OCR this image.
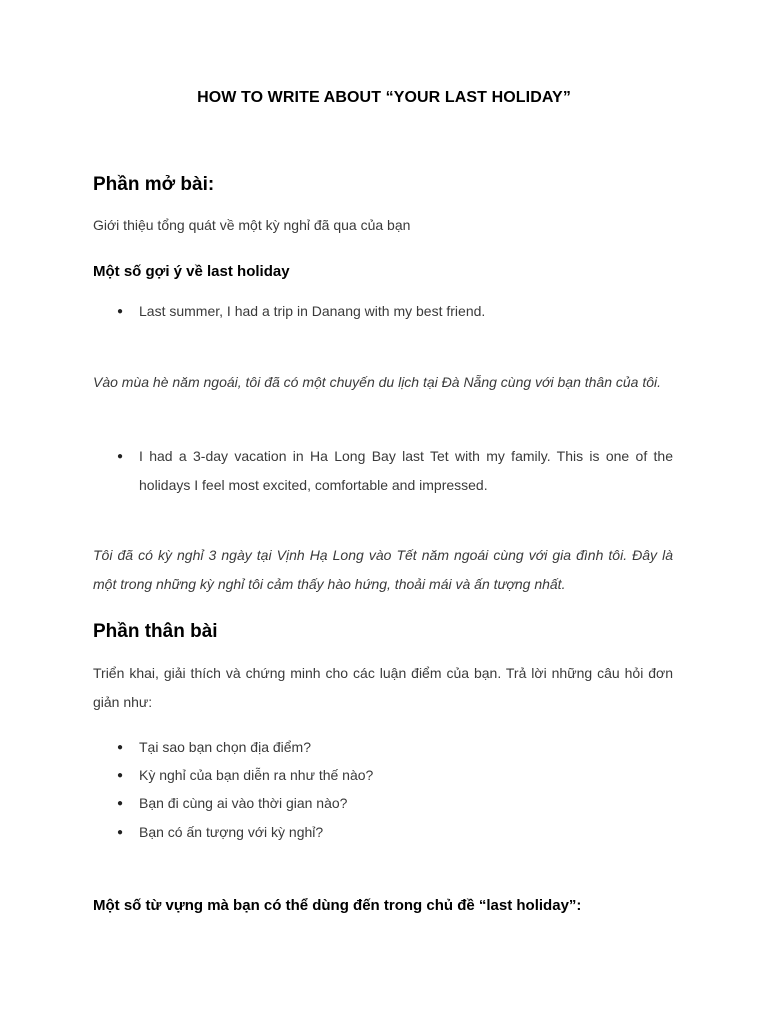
HOW TO WRITE ABOUT “YOUR LAST HOLIDAY”
Phần mở bài:
Giới thiệu tổng quát về một kỳ nghỉ đã qua của bạn
Một số gợi ý về last holiday
● Last summer, I had a trip in Danang with my best friend.
Vào mùa hè năm ngoái, tôi đã có một chuyến du lịch tại Đà Nẵng cùng với bạn thân của tôi.
● I had a 3-day vacation in Ha Long Bay last Tet with my family. This is one of the holidays I feel most excited, comfortable and impressed.
Tôi đã có kỳ nghỉ 3 ngày tại Vịnh Hạ Long vào Tết năm ngoái cùng với gia đình tôi. Đây là một trong những kỳ nghỉ tôi cảm thấy hào hứng, thoải mái và ấn tượng nhất.
Phần thân bài
Triển khai, giải thích và chứng minh cho các luận điểm của bạn. Trả lời những câu hỏi đơn giản như:
● Tại sao bạn chọn địa điểm?
● Kỳ nghỉ của bạn diễn ra như thế nào?
● Bạn đi cùng ai vào thời gian nào?
● Bạn có ấn tượng với kỳ nghỉ?
Một số từ vựng mà bạn có thể dùng đến trong chủ đề “last holiday”:
